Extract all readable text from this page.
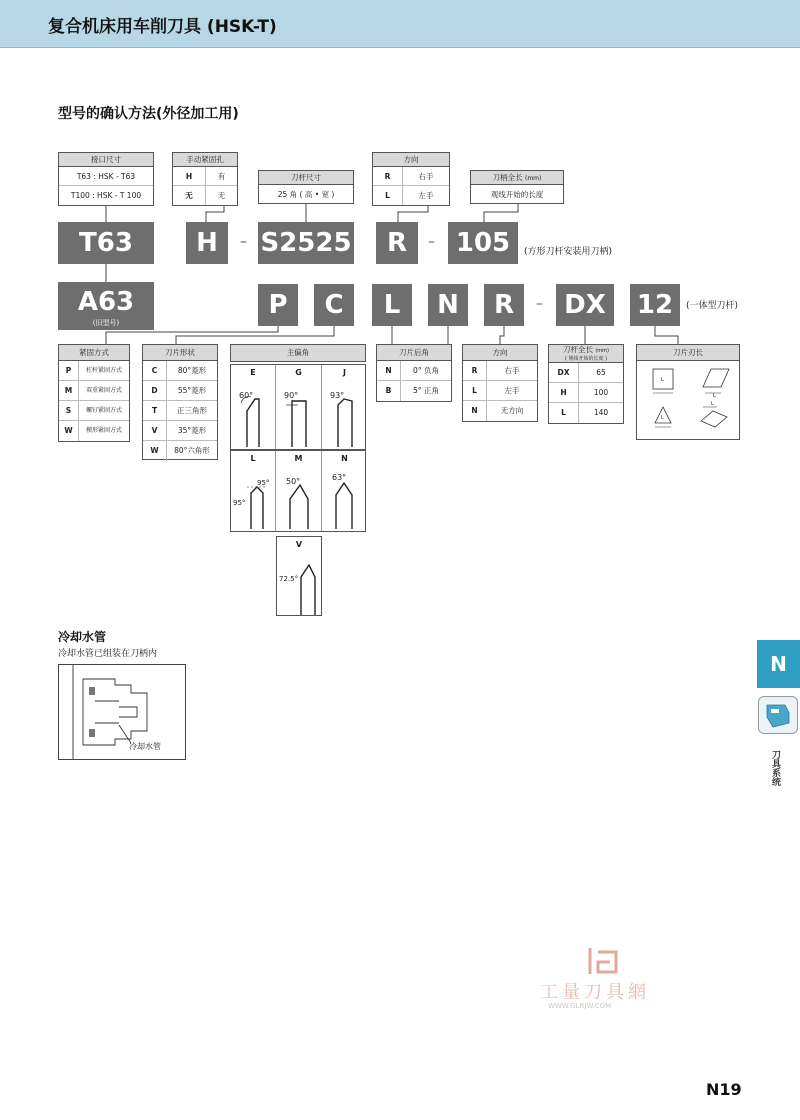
复合机床用车削刀具 (HSK-T)
型号的确认方法(外径加工用)
接口尺寸
T63 : HSK - T63
T100 : HSK - T 100
手动紧固孔
H	有
无	无
刀杆尺寸
25 角 ( 高 • 宽 )
方向
R	右手
L	左手
刀柄全长 (mm)
观线开始的长度
T63	H	– S2525	R	– 105	(方形刀杆安装用刀柄)
A63
(旧型号)
P	C	L	N	R	– DX	12	(一体型刀杆)
紧固方式
P	杠杆紧固方式
M	双重紧固方式
S	螺钉紧固方式
W	楔形紧固方式
刀片形状
C	80°菱形
D	55°菱形
T	正三角形
V	35°菱形
W	80°六角形
主偏角
E
60°
G
90°
J
93°
L
95°
95°
M
50°
N
63°
V
72.5°
刀片后角
N	0° 负角
B	5° 正角
方向
R	右手
L	左手
N	无方向
刀杆全长 (mm)
( 规线开始的长度 )
DX	65
H	100
L	140
刀片刃长
L
L
L
L
冷却水管
冷却水管已组装在刀柄内
冷却水管
N
刀具系统
工量刀具網
WWW.GLRJW.COM
N19
